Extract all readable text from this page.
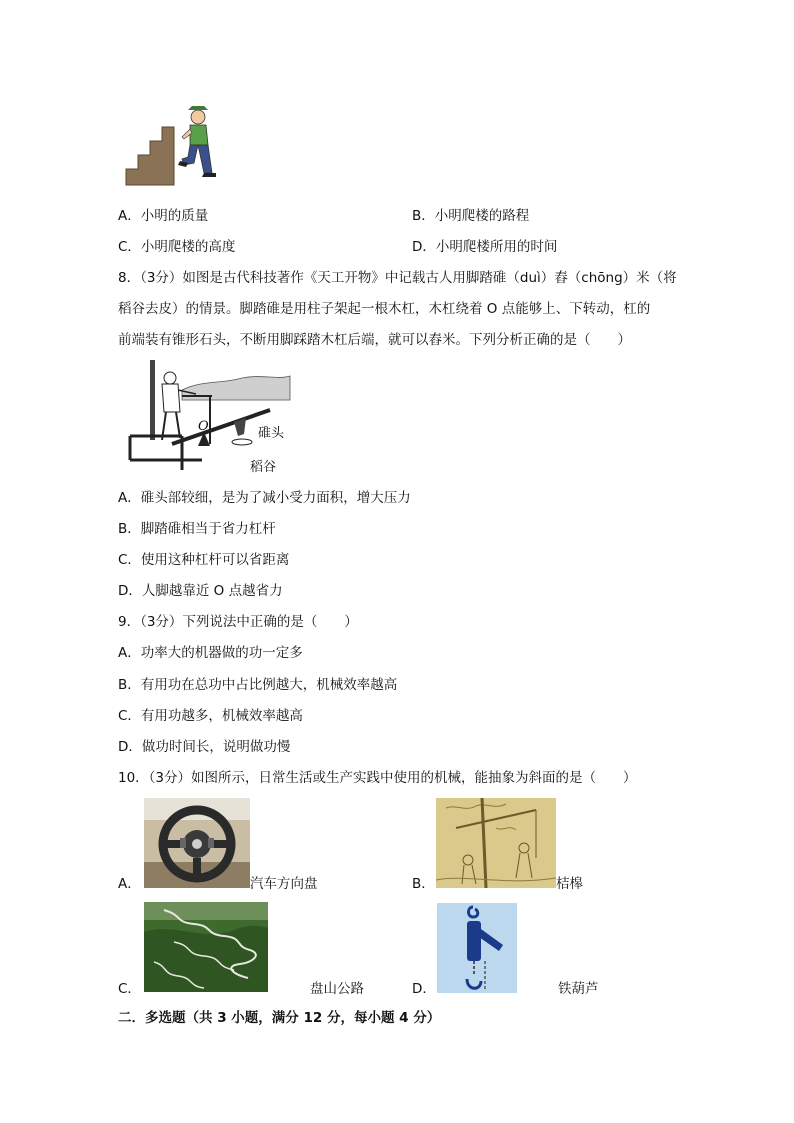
A．小明的质量	B．小明爬楼的路程
C．小明爬楼的高度	D．小明爬楼所用的时间
8．（3分）如图是古代科技著作《天工开物》中记载古人用脚踏碓（duì）舂（chōng）米（将
稻谷去皮）的情景。脚踏碓是用柱子架起一根木杠，木杠绕着 O 点能够上、下转动，杠的
前端装有锥形石头，不断用脚踩踏木杠后端，就可以舂米。下列分析正确的是（　　）
O	碓头
稻谷
A．碓头部较细，是为了减小受力面积，增大压力
B．脚踏碓相当于省力杠杆
C．使用这种杠杆可以省距离
D．人脚越靠近 O 点越省力
9．（3分）下列说法中正确的是（　　）
A．功率大的机器做的功一定多
B．有用功在总功中占比例越大，机械效率越高
C．有用功越多，机械效率越高
D．做功时间长，说明做功慢
10．（3分）如图所示，日常生活或生产实践中使用的机械，能抽象为斜面的是（　　）
A．	汽车方向盘	B．	桔槔
C．	盘山公路	D．	铁葫芦
二．多选题（共 3 小题，满分 12 分，每小题 4 分）
